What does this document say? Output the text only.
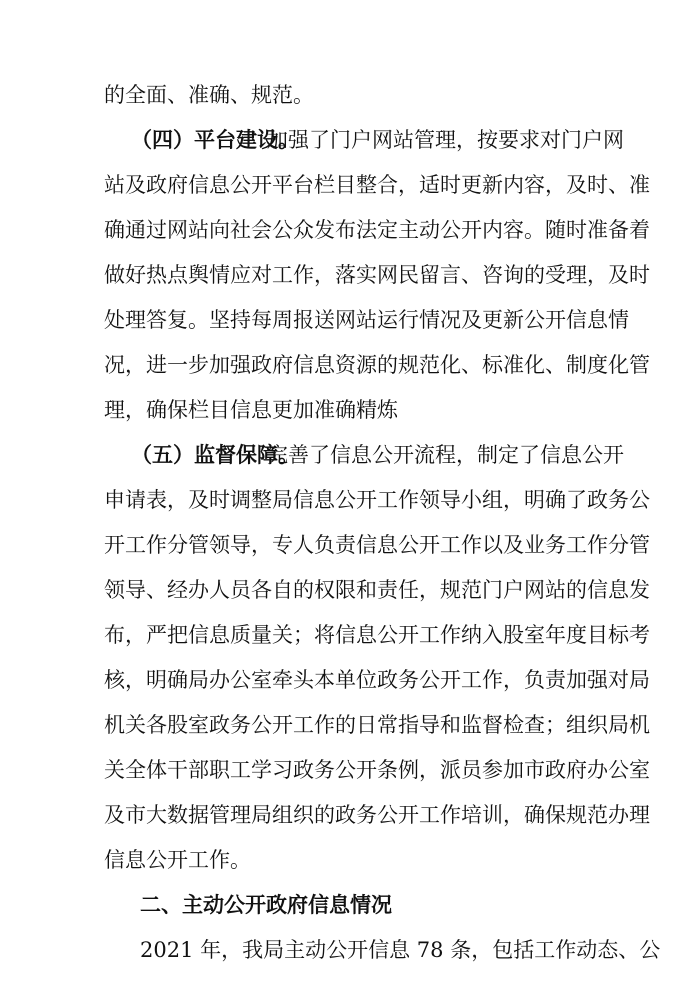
的全面、准确、规范。
（四）平台建设。
加强了门户网站管理，按要求对门户网
站及政府信息公开平台栏目整合，适时更新内容，及时、准
确通过网站向社会公众发布法定主动公开内容。随时准备着
做好热点舆情应对工作，落实网民留言、咨询的受理，及时
处理答复。坚持每周报送网站运行情况及更新公开信息情
况，进一步加强政府信息资源的规范化、标准化、制度化管
理，确保栏目信息更加准确精炼
（五）监督保障。
完善了信息公开流程，制定了信息公开
申请表，及时调整局信息公开工作领导小组，明确了政务公
开工作分管领导，专人负责信息公开工作以及业务工作分管
领导、经办人员各自的权限和责任，规范门户网站的信息发
布，严把信息质量关；将信息公开工作纳入股室年度目标考
核，明确局办公室牵头本单位政务公开工作，负责加强对局
机关各股室政务公开工作的日常指导和监督检查；组织局机
关全体干部职工学习政务公开条例，派员参加市政府办公室
及市大数据管理局组织的政务公开工作培训，确保规范办理
信息公开工作。
二、主动公开政府信息情况
2021 年，我局主动公开信息 78 条，包括工作动态、公
